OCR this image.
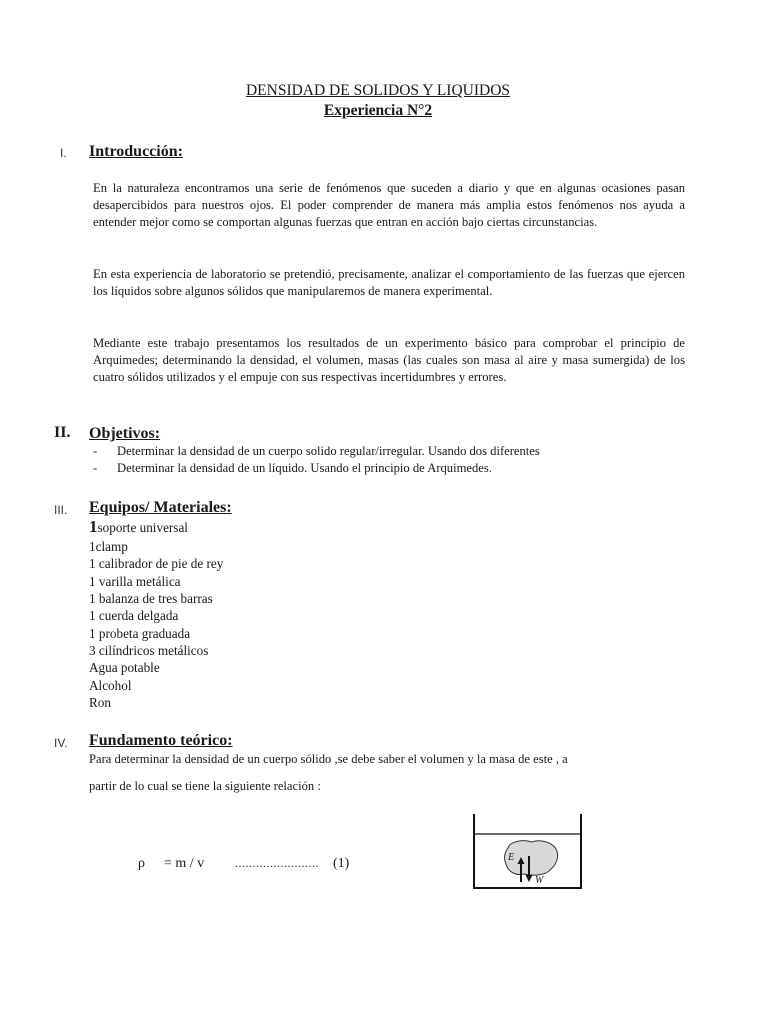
DENSIDAD DE SOLIDOS Y LIQUIDOS
Experiencia N°2
I. Introducción:
En la naturaleza encontramos una serie de fenómenos que suceden a diario y que en algunas ocasiones pasan desapercibidos para nuestros ojos. El poder comprender de manera más amplia estos fenómenos nos ayuda a entender mejor como se comportan algunas fuerzas que entran en acción bajo ciertas circunstancias.
En esta experiencia de laboratorio se pretendió, precisamente, analizar el comportamiento de las fuerzas que ejercen los líquidos sobre algunos sólidos que manipularemos de manera experimental.
Mediante este trabajo presentamos los resultados de un experimento básico para comprobar el principio de Arquimedes; determinando la densidad, el volumen, masas (las cuales son masa al aire y masa sumergida) de los cuatro sólidos utilizados y el empuje con sus respectivas incertidumbres y errores.
II. Objetivos:
- Determinar la densidad de un cuerpo solido regular/irregular. Usando dos diferentes
- Determinar la densidad de un líquido. Usando el principio de Arquimedes.
III. Equipos/ Materiales:
1soporte universal
1clamp
1 calibrador de pie de rey
1 varilla metálica
1 balanza de tres barras
1 cuerda delgada
1 probeta graduada
3 cilíndricos metálicos
Agua potable
Alcohol
Ron
IV. Fundamento teórico:
Para determinar la densidad de un cuerpo sólido ,se debe saber el volumen y la masa de este , a
partir de lo cual se tiene la siguiente relación :
ρ = m / v	........................ (1)	E
W
